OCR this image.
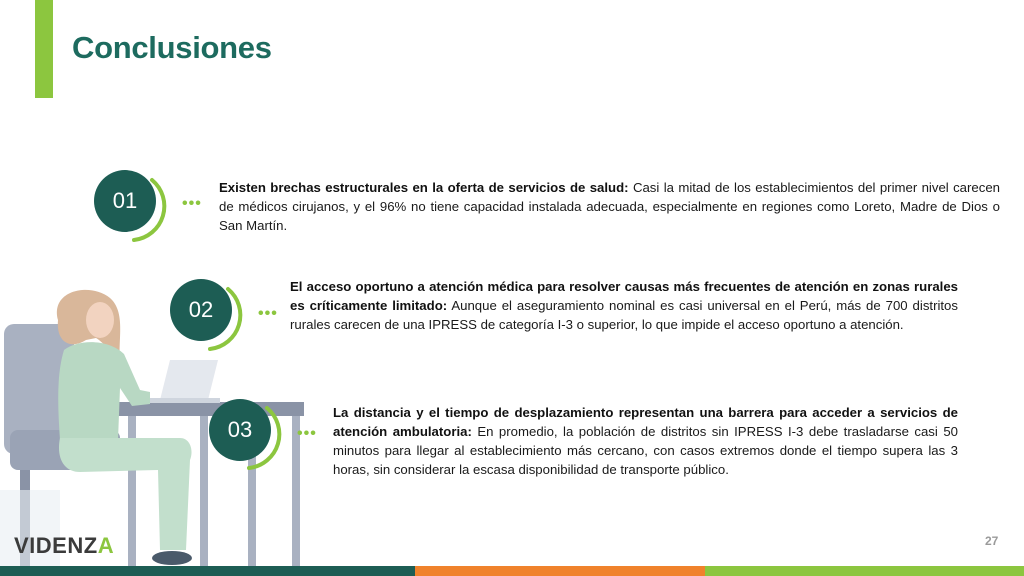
Conclusiones
01	•••

Existen brechas estructurales en la oferta de servicios de salud: Casi la mitad de los establecimientos del primer nivel carecen de médicos cirujanos, y el 96% no tiene capacidad instalada adecuada, especialmente en regiones como Loreto, Madre de Dios o San Martín.

02	•••

El acceso oportuno a atención médica para resolver causas más frecuentes de atención en zonas rurales es críticamente limitado: Aunque el aseguramiento nominal es casi universal en el Perú, más de 700 distritos rurales carecen de una IPRESS de categoría I-3 o superior, lo que impide el acceso oportuno a atención.

03	•••

La distancia y el tiempo de desplazamiento representan una barrera para acceder a servicios de atención ambulatoria: En promedio, la población de distritos sin IPRESS I-3 debe trasladarse casi 50 minutos para llegar al establecimiento más cercano, con casos extremos donde el tiempo supera las 3 horas, sin considerar la escasa disponibilidad de transporte público.

VIDENZA	27
